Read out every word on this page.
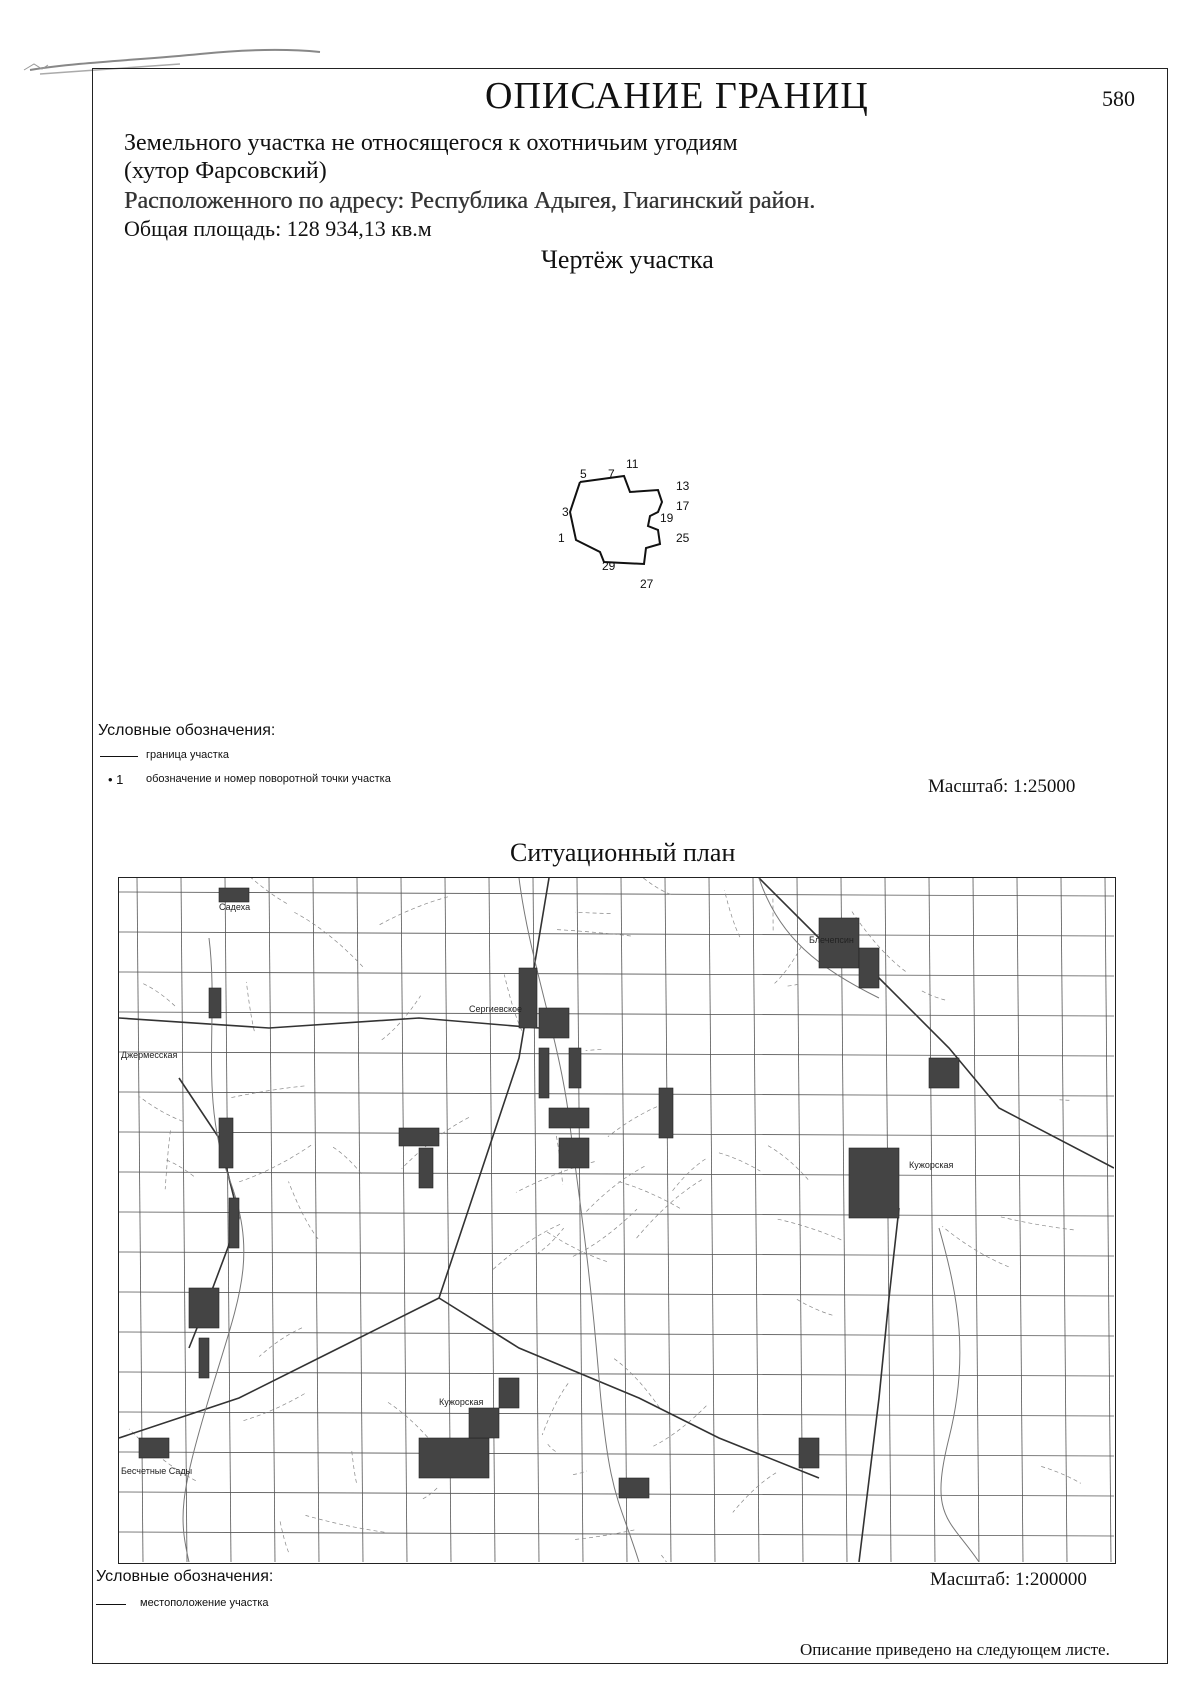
ОПИСАНИЕ ГРАНИЦ	580
Земельного участка не относящегося к охотничьим угодиям
(хутор Фарсовский)
Расположенного по адресу: Республика Адыгея, Гиагинский район.
Общая площадь: 128 934,13 кв.м
Чертёж участка
5 7
11
13
17
19
3
1	25
29
27
Условные обозначения:
граница участка
• 1 обозначение и номер поворотной точки участка	Масштаб: 1:25000
Ситуационный план
Садеха
Блечепсин
Сергиевское
Джермесская
Кужорская
Бесчетные Сады
Кужорская
Условные обозначения:
местоположение участка
Масштаб: 1:200000
Описание приведено на следующем листе.
